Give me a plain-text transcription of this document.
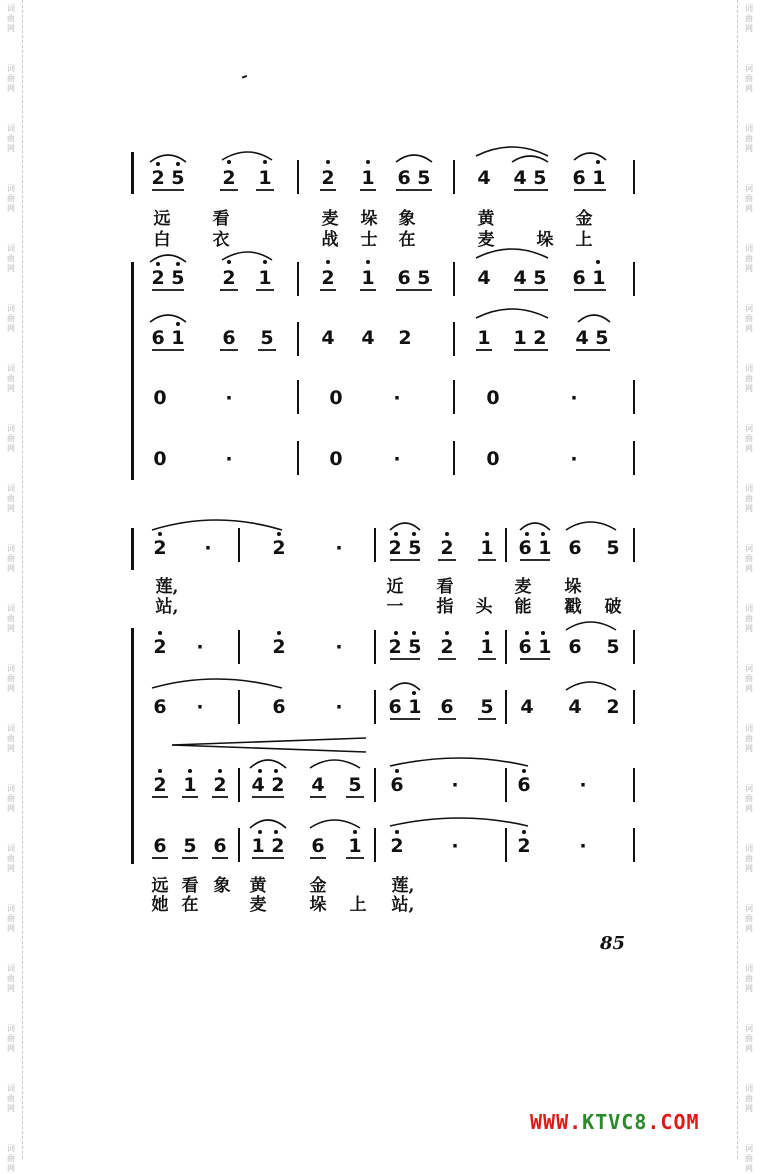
词
曲
网
词
曲
网
词
曲
网
词
曲
网
词
曲
网
词
曲
网
词
曲
网
词
曲
网
词
曲
网
词
曲
网
词
曲
网
词
曲
网
词
曲
网
词
曲
网
词
曲
网
词
曲
网
词
曲
网
词
曲
网
词
曲
网
词
曲
网
词
曲
网
词
曲
网
词
曲
网
词
曲
网
词
曲
网
词
曲
网
词
曲
网
词
曲
网
词
曲
网
词
曲
网
词
曲
网
词
曲
网
词
曲
网
词
曲
网
词
曲
网
词
曲
网
词
曲
网
词
曲
网
词
曲
网
词
曲
网
2 5 2 1	2 1 6 5 4 4 5 6 1
远 看	麦 垛 象	黄	金
白 衣	战 士 在	麦 垛 上
2 5 2 1	2 1 6 5 4 4 5 6 1
6 1 6 5	4 4 2	1 1 2 4 5
0	·	0	·	0	·
0	·	0	·	0	·
2 ·	2	· 2 5 2 1 6 1 6 5
莲,	近 看	麦 垛
站,	一 指 头 能 戳 破
2 ·	2	· 2 5 2 1 6 1 6 5
6 ·	6	· 6 1 6 5 4 4 2
2 1 2 4 2 4 5 6	·	6	·
6 5 6 1 2 6 1 2	·	2	·
远 看 象 黄	金	莲,
她 在	麦	垛 上 站,
85
WWW.KTVC8.COM
